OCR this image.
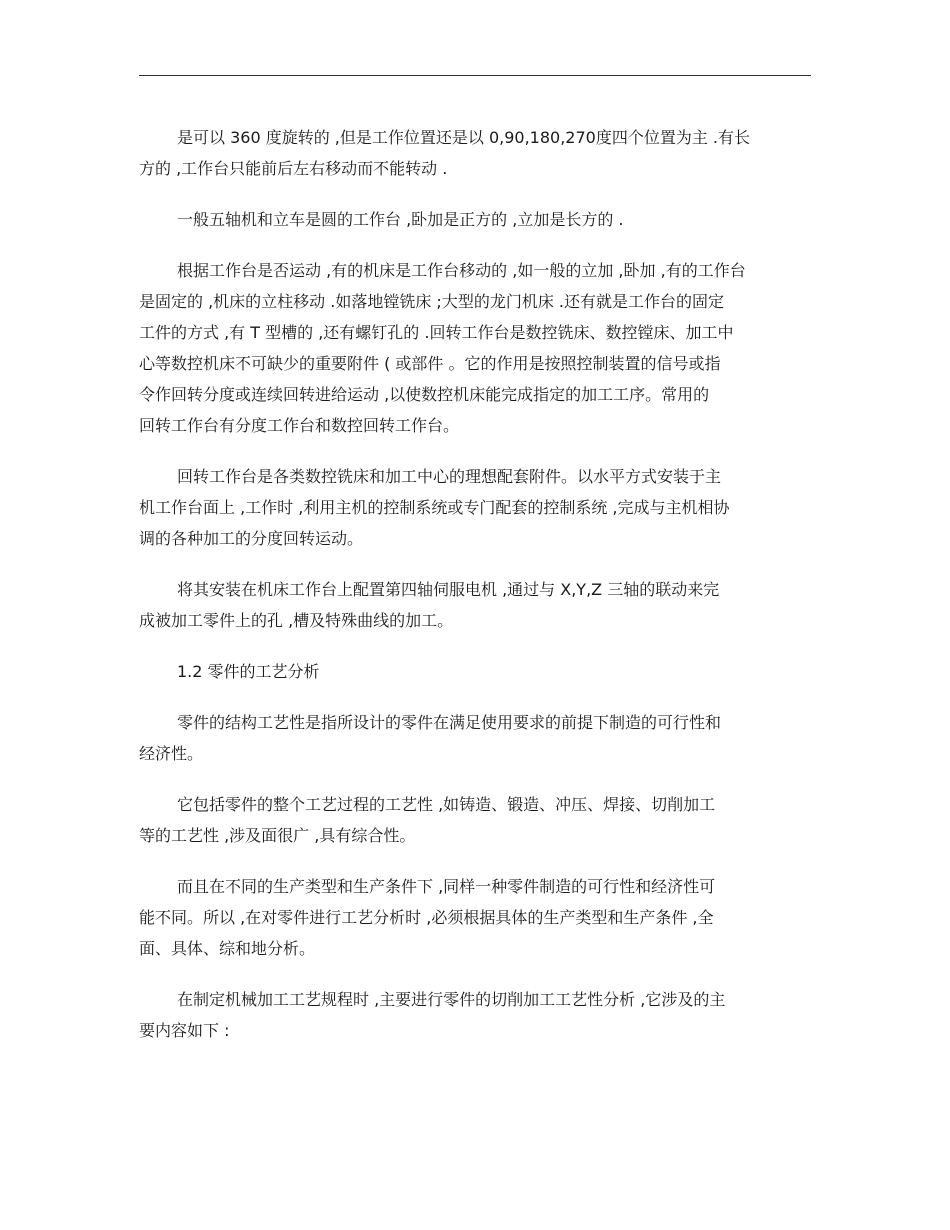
是可以 360 度旋转的 ,但是工作位置还是以 0,90,180,270度四个位置为主 .有长
方的 ,工作台只能前后左右移动而不能转动 .

一般五轴机和立车是圆的工作台 ,卧加是正方的 ,立加是长方的 .

根据工作台是否运动 ,有的机床是工作台移动的 ,如一般的立加 ,卧加 ,有的工作台
是固定的 ,机床的立柱移动 .如落地镗铣床 ;大型的龙门机床 .还有就是工作台的固定
工件的方式 ,有 T 型槽的 ,还有螺钉孔的 .回转工作台是数控铣床、数控镗床、加工中
心等数控机床不可缺少的重要附件 ( 或部件 。它的作用是按照控制装置的信号或指
令作回转分度或连续回转进给运动 ,以使数控机床能完成指定的加工工序。常用的
回转工作台有分度工作台和数控回转工作台。

回转工作台是各类数控铣床和加工中心的理想配套附件。以水平方式安装于主
机工作台面上 ,工作时 ,利用主机的控制系统或专门配套的控制系统 ,完成与主机相协
调的各种加工的分度回转运动。

将其安装在机床工作台上配置第四轴伺服电机 ,通过与 X,Y,Z 三轴的联动来完
成被加工零件上的孔 ,槽及特殊曲线的加工。

1.2 零件的工艺分析

零件的结构工艺性是指所设计的零件在满足使用要求的前提下制造的可行性和
经济性。

它包括零件的整个工艺过程的工艺性 ,如铸造、锻造、冲压、焊接、切削加工
等的工艺性 ,涉及面很广 ,具有综合性。

而且在不同的生产类型和生产条件下 ,同样一种零件制造的可行性和经济性可
能不同。所以 ,在对零件进行工艺分析时 ,必须根据具体的生产类型和生产条件 ,全
面、具体、综和地分析。

在制定机械加工工艺规程时 ,主要进行零件的切削加工工艺性分析 ,它涉及的主
要内容如下 :
